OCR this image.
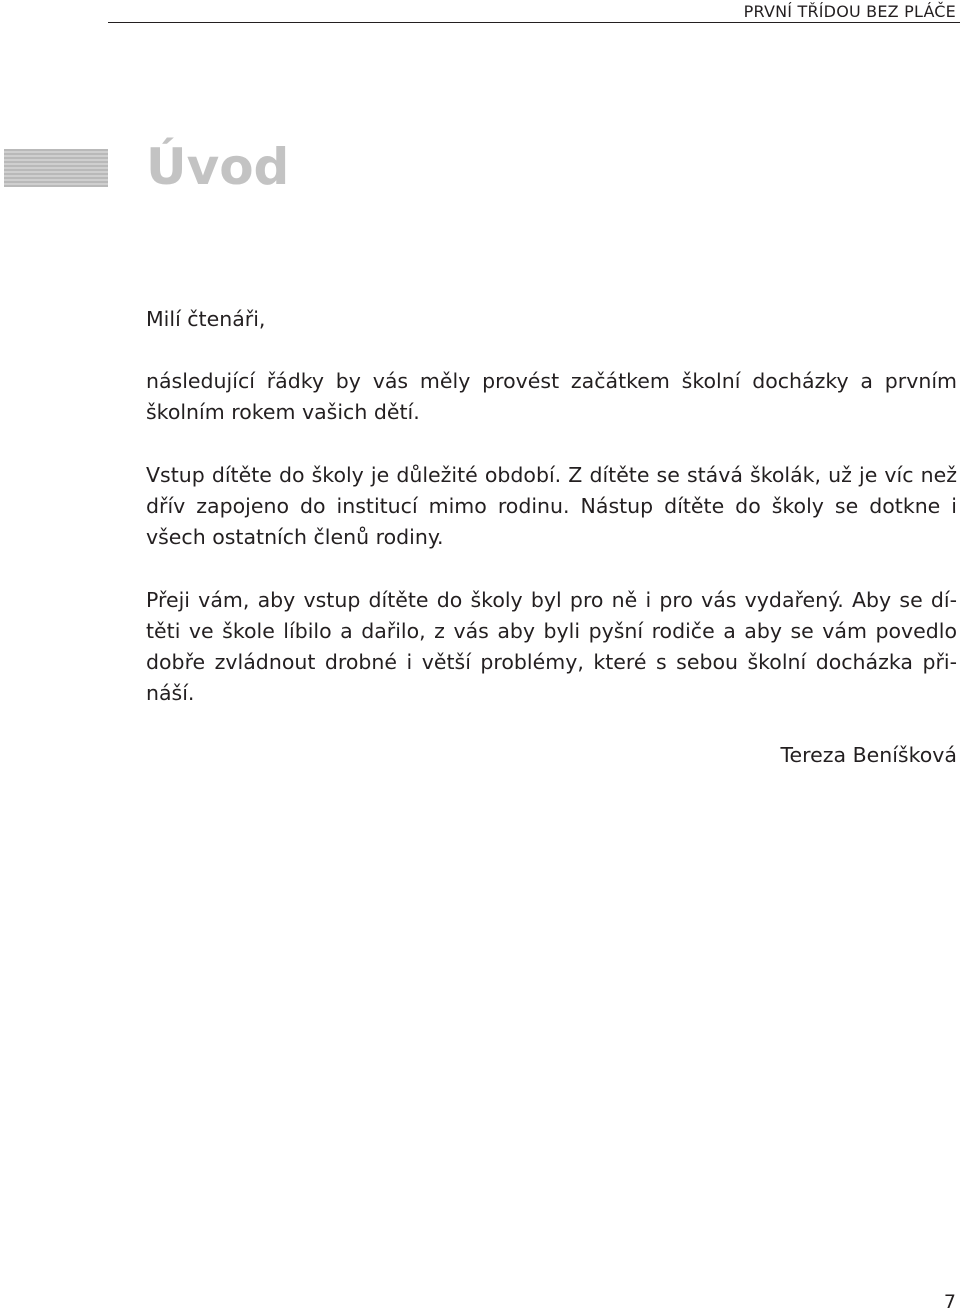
PRVNÍ TŘÍDOU BEZ PLÁČE
Úvod

Milí čtenáři,

následující řádky by vás měly provést začátkem školní docházky a prvním školním rokem vašich dětí.

Vstup dítěte do školy je důležité období. Z dítěte se stává školák, už je víc než dřív zapojeno do institucí mimo rodinu. Nástup dítěte do školy se dotkne i všech ostatních členů rodiny.

Přeji vám, aby vstup dítěte do školy byl pro ně i pro vás vydařený. Aby se dítěti ve škole líbilo a dařilo, z vás aby byli pyšní rodiče a aby se vám povedlo dobře zvládnout drobné i větší problémy, které s sebou školní docházka přináší.

Tereza Beníšková
7
